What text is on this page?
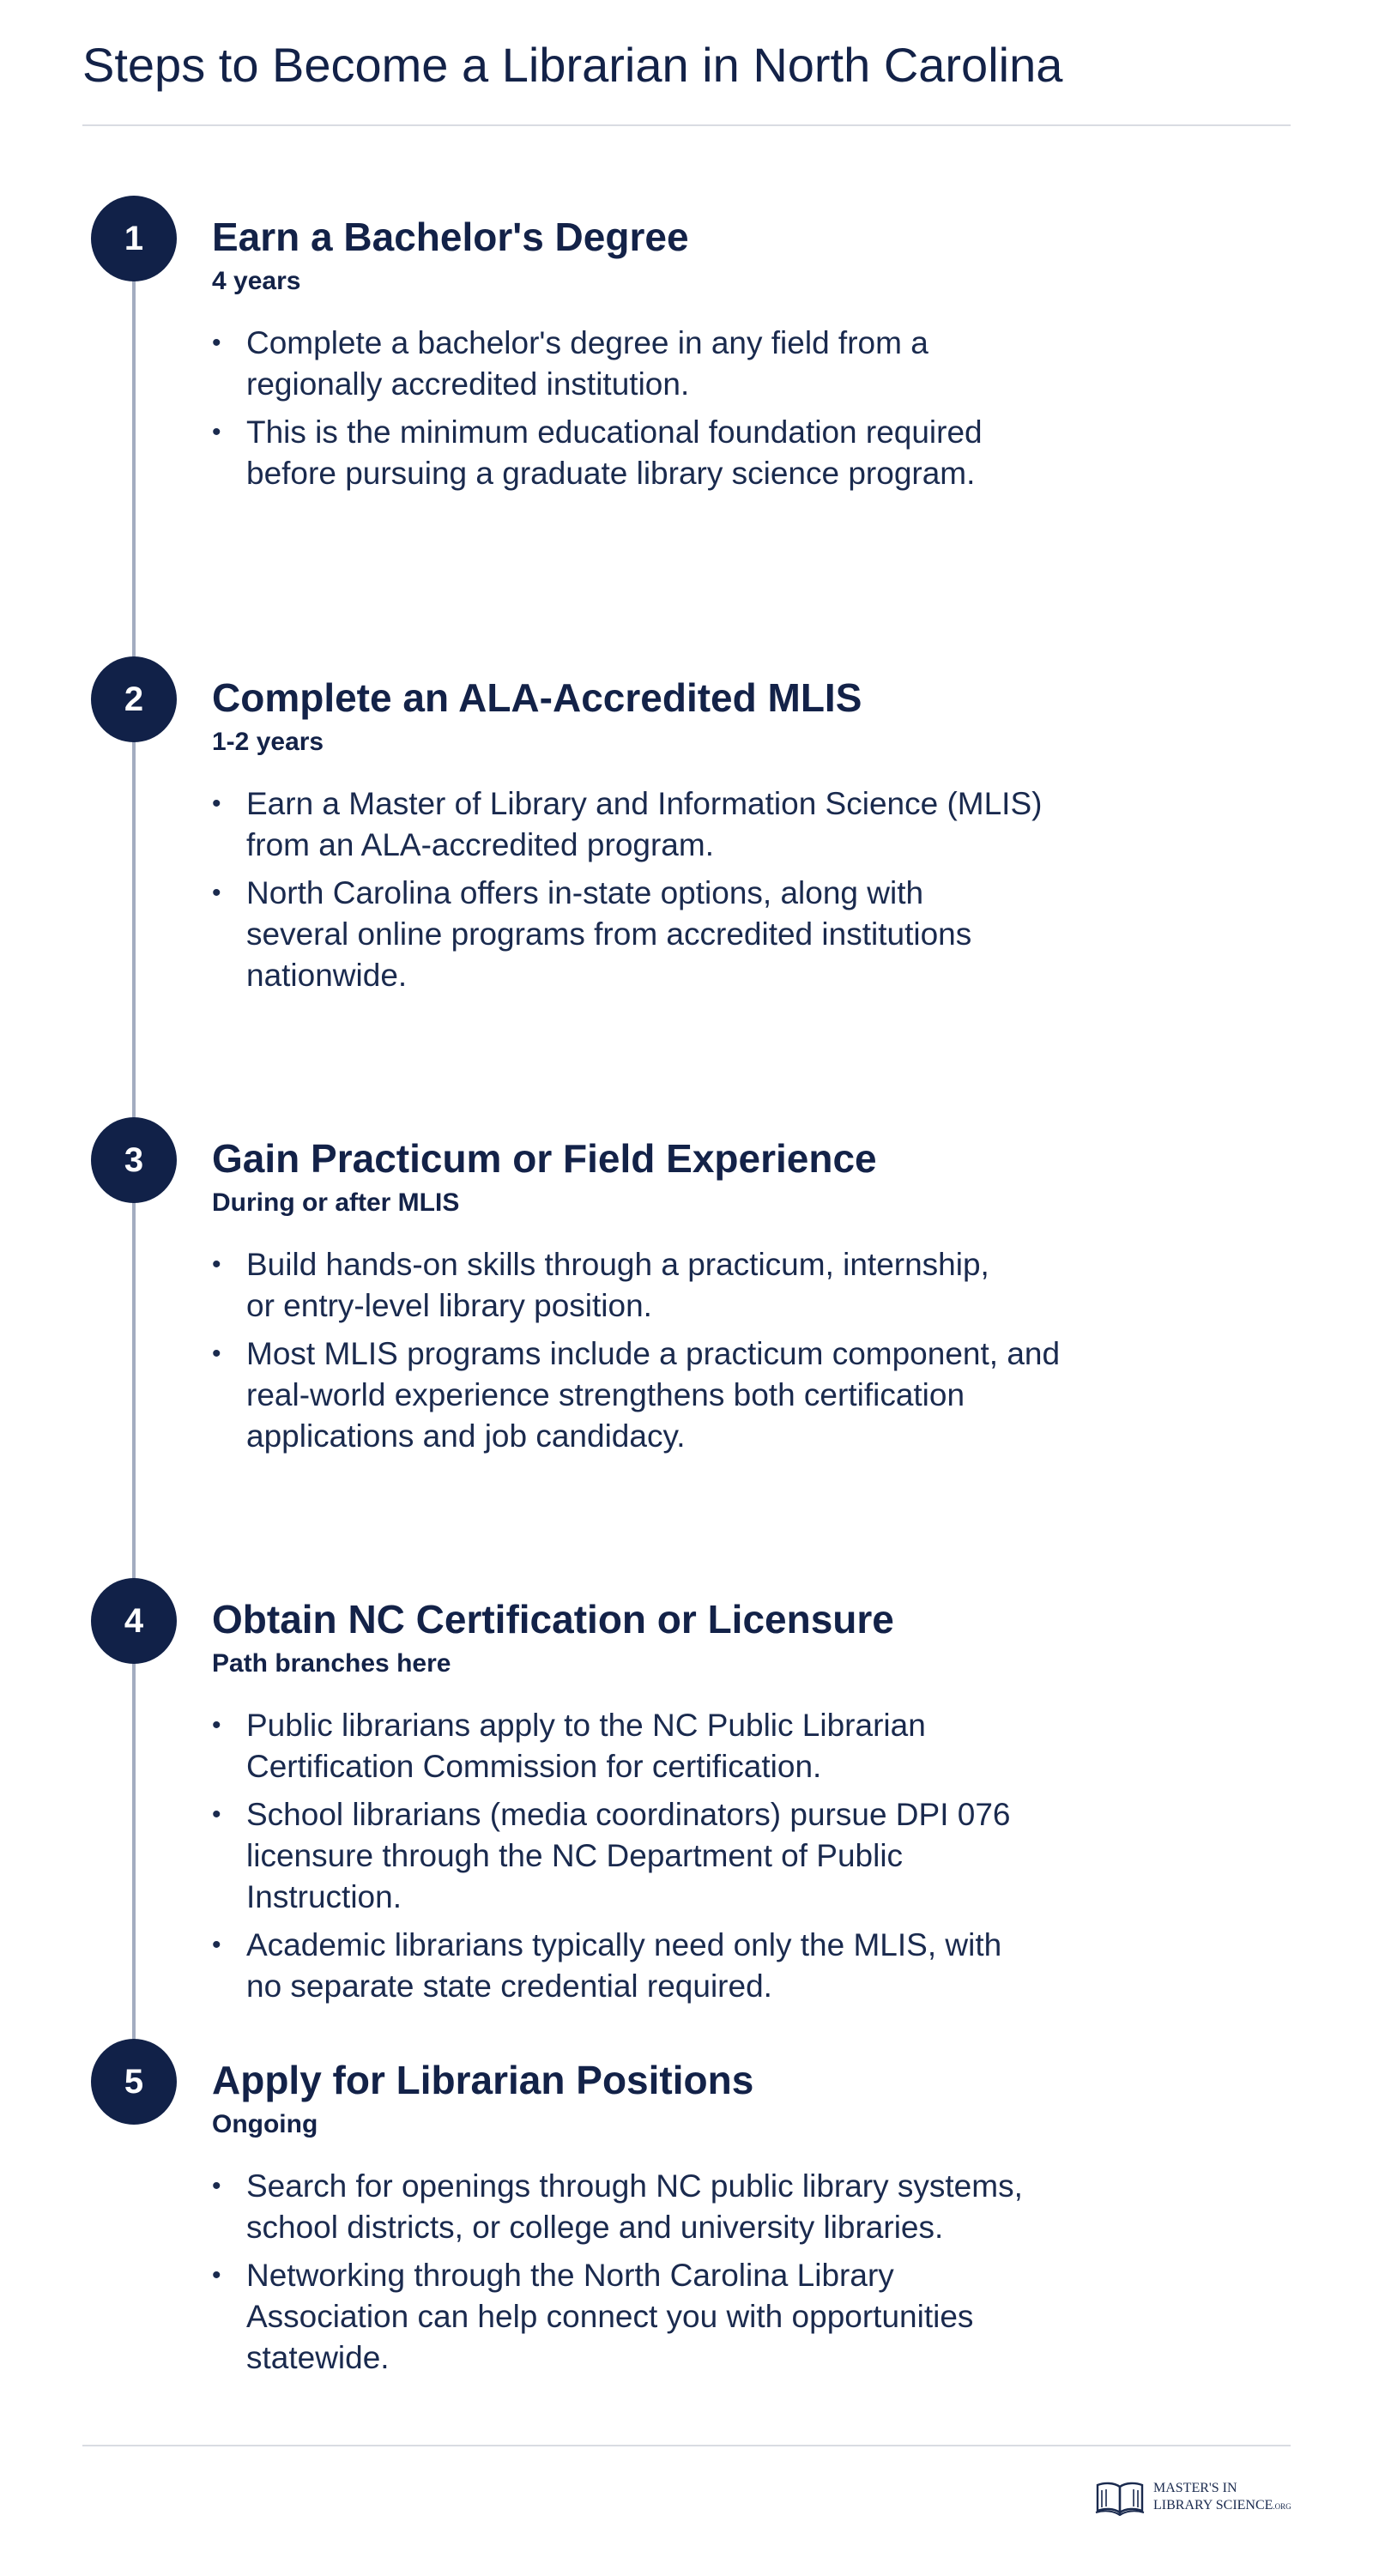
Steps to Become a Librarian in North Carolina
1	Earn a Bachelor's Degree

4 years

• Complete a bachelor's degree in any field from a
regionally accredited institution.
• This is the minimum educational foundation required
before pursuing a graduate library science program.
2	Complete an ALA-Accredited MLIS

1-2 years

• Earn a Master of Library and Information Science (MLIS)
from an ALA-accredited program.
• North Carolina offers in-state options, along with
several online programs from accredited institutions
nationwide.
3	Gain Practicum or Field Experience

During or after MLIS

• Build hands-on skills through a practicum, internship,
or entry-level library position.
• Most MLIS programs include a practicum component, and
real-world experience strengthens both certification
applications and job candidacy.
4	Obtain NC Certification or Licensure

Path branches here

• Public librarians apply to the NC Public Librarian
Certification Commission for certification.
• School librarians (media coordinators) pursue DPI 076
licensure through the NC Department of Public
Instruction.
• Academic librarians typically need only the MLIS, with
no separate state credential required.
5	Apply for Librarian Positions

Ongoing

• Search for openings through NC public library systems,
school districts, or college and university libraries.
• Networking through the North Carolina Library
Association can help connect you with opportunities
statewide.
MASTER'S IN
LIBRARY SCIENCE.ORG
